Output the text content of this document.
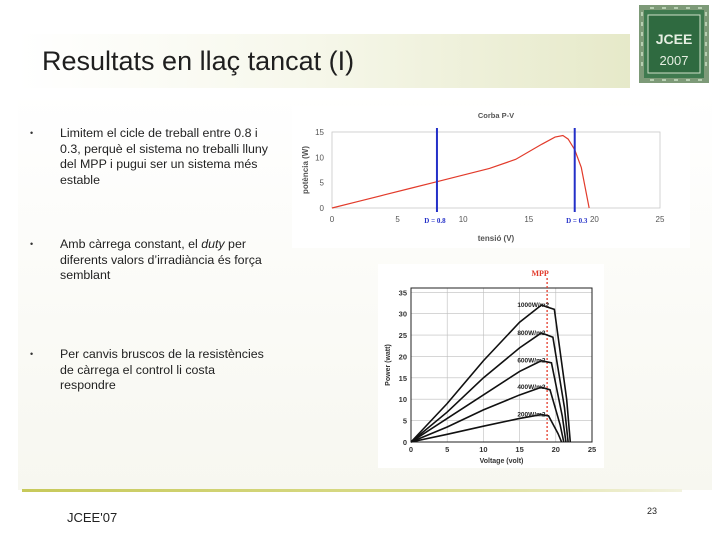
Resultats en llaç tancat (I)
JCEE
2007
• Limitem el cicle de treball entre 0.8 i 0.3, perquè el sistema no treballi lluny del MPP i pugui ser un sistema més estable
• Amb càrrega constant, el duty per diferents valors d’irradiància és força semblant
• Per canvis bruscos de la resistències de càrrega el control li costa respondre
Corba P-V
0
5
10
15
0	5	10	15	20	25
tensió (V)
potència (W)
D = 0.8	D = 0.3
0
5
10
15
20
25
30
35
0	5	10	15	20	25
Voltage (volt)
Power (watt)
MPP
1000W/m2
800W/m2
600W/m2
400W/m2
200W/m2
JCEE'07	23
